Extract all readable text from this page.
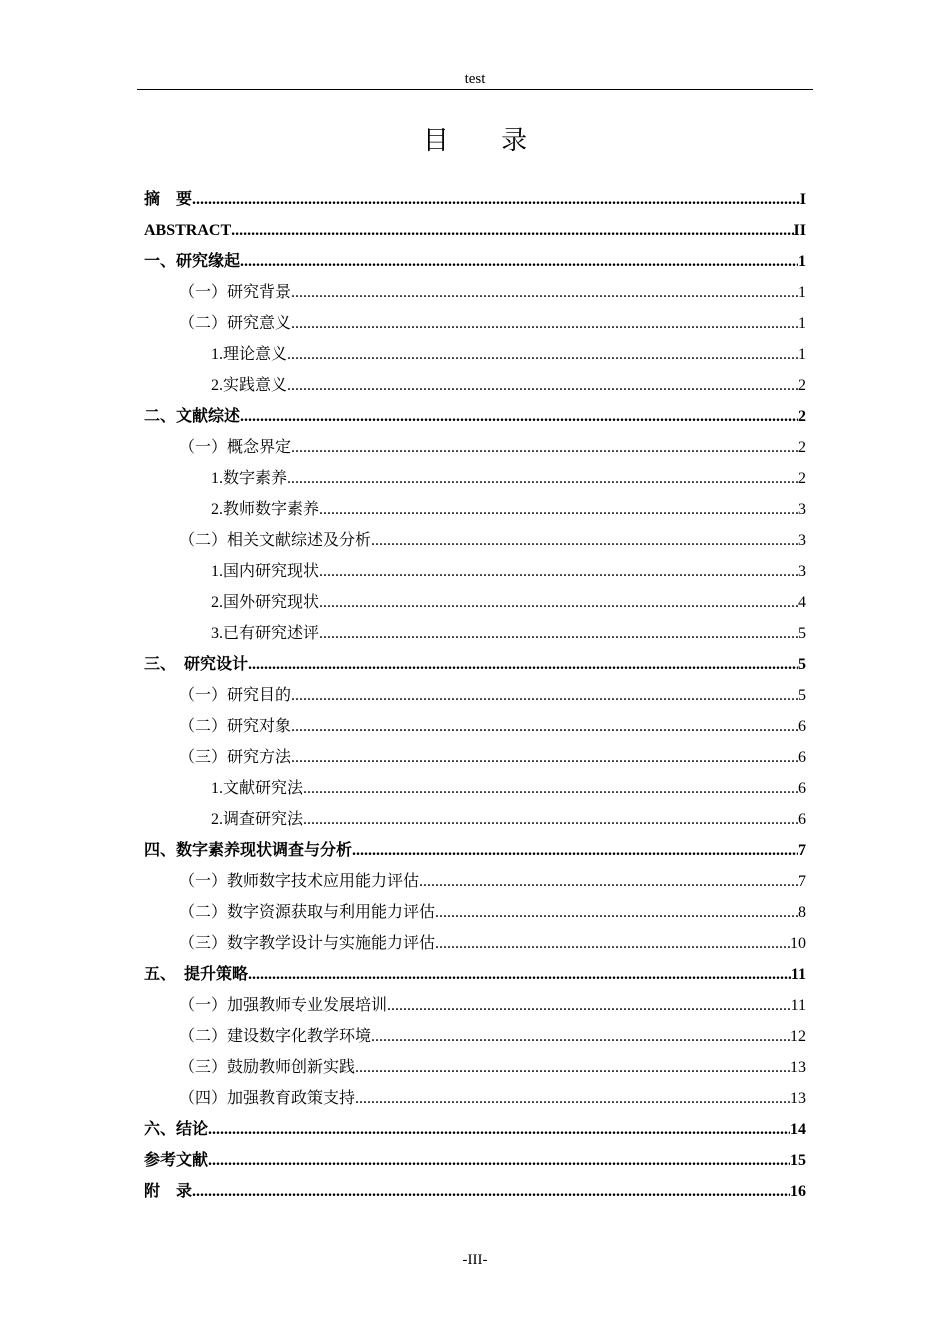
test
目 录
摘　要 .....	I
ABSTRACT .....	II
一、研究缘起 .....	1
（一）研究背景 .....	1
（二）研究意义 .....	1
1.理论意义 .....	1
2.实践意义 .....	2
二、文献综述 .....	2
（一）概念界定 .....	2
1.数字素养 .....	2
2.教师数字素养 .....	3
（二）相关文献综述及分析 .....	3
1.国内研究现状 .....	3
2.国外研究现状 .....	4
3.已有研究述评 .....	5
三、　研究设计 .....	5
（一）研究目的 .....	5
（二）研究对象 .....	6
（三）研究方法 .....	6
1.文献研究法 .....	6
2.调查研究法 .....	6
四、数字素养现状调查与分析 .....	7
（一）教师数字技术应用能力评估 .....	7
（二）数字资源获取与利用能力评估 .....	8
（三）数字教学设计与实施能力评估 .....	10
五、　提升策略 .....	11
（一）加强教师专业发展培训 .....	11
（二）建设数字化教学环境 .....	12
（三）鼓励教师创新实践 .....	13
（四）加强教育政策支持 .....	13
六、结论 .....	14
参考文献 .....	15
附　录 .....	16
-III-
